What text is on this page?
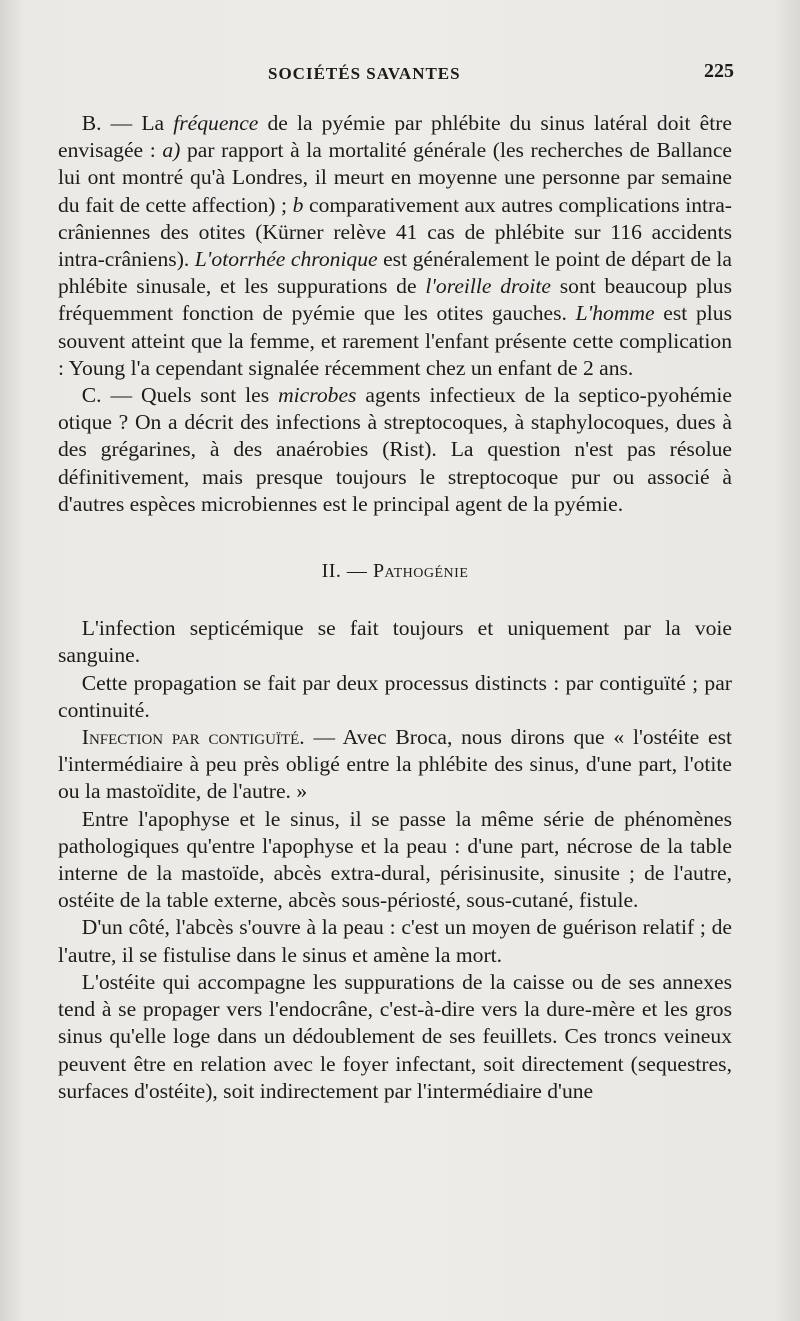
SOCIÉTÉS SAVANTES	225

B. — La fréquence de la pyémie par phlébite du sinus latéral doit être envisagée : a) par rapport à la mortalité générale (les recherches de Ballance lui ont montré qu'à Londres, il meurt en moyenne une personne par semaine du fait de cette affection) ; b comparativement aux autres complications intra-crâniennes des otites (Kürner relève 41 cas de phlébite sur 116 accidents intra-crâniens). L'otorrhée chronique est généralement le point de départ de la phlébite sinusale, et les suppurations de l'oreille droite sont beaucoup plus fréquemment fonction de pyémie que les otites gauches. L'homme est plus souvent atteint que la femme, et rarement l'enfant présente cette complication : Young l'a cependant signalée récemment chez un enfant de 2 ans.

C. — Quels sont les microbes agents infectieux de la septico-pyohémie otique ? On a décrit des infections à streptocoques, à staphylocoques, dues à des grégarines, à des anaérobies (Rist). La question n'est pas résolue définitivement, mais presque toujours le streptocoque pur ou associé à d'autres espèces microbiennes est le principal agent de la pyémie.

II. — Pathogénie

L'infection septicémique se fait toujours et uniquement par la voie sanguine.

Cette propagation se fait par deux processus distincts : par contiguïté ; par continuité.

Infection par contiguïté. — Avec Broca, nous dirons que « l'ostéite est l'intermédiaire à peu près obligé entre la phlébite des sinus, d'une part, l'otite ou la mastoïdite, de l'autre. »

Entre l'apophyse et le sinus, il se passe la même série de phénomènes pathologiques qu'entre l'apophyse et la peau : d'une part, nécrose de la table interne de la mastoïde, abcès extra-dural, périsinusite, sinusite ; de l'autre, ostéite de la table externe, abcès sous-périosté, sous-cutané, fistule.

D'un côté, l'abcès s'ouvre à la peau : c'est un moyen de guérison relatif ; de l'autre, il se fistulise dans le sinus et amène la mort.

L'ostéite qui accompagne les suppurations de la caisse ou de ses annexes tend à se propager vers l'endocrâne, c'est-à-dire vers la dure-mère et les gros sinus qu'elle loge dans un dédoublement de ses feuillets. Ces troncs veineux peuvent être en relation avec le foyer infectant, soit directement (sequestres, surfaces d'ostéite), soit indirectement par l'intermédiaire d'une
